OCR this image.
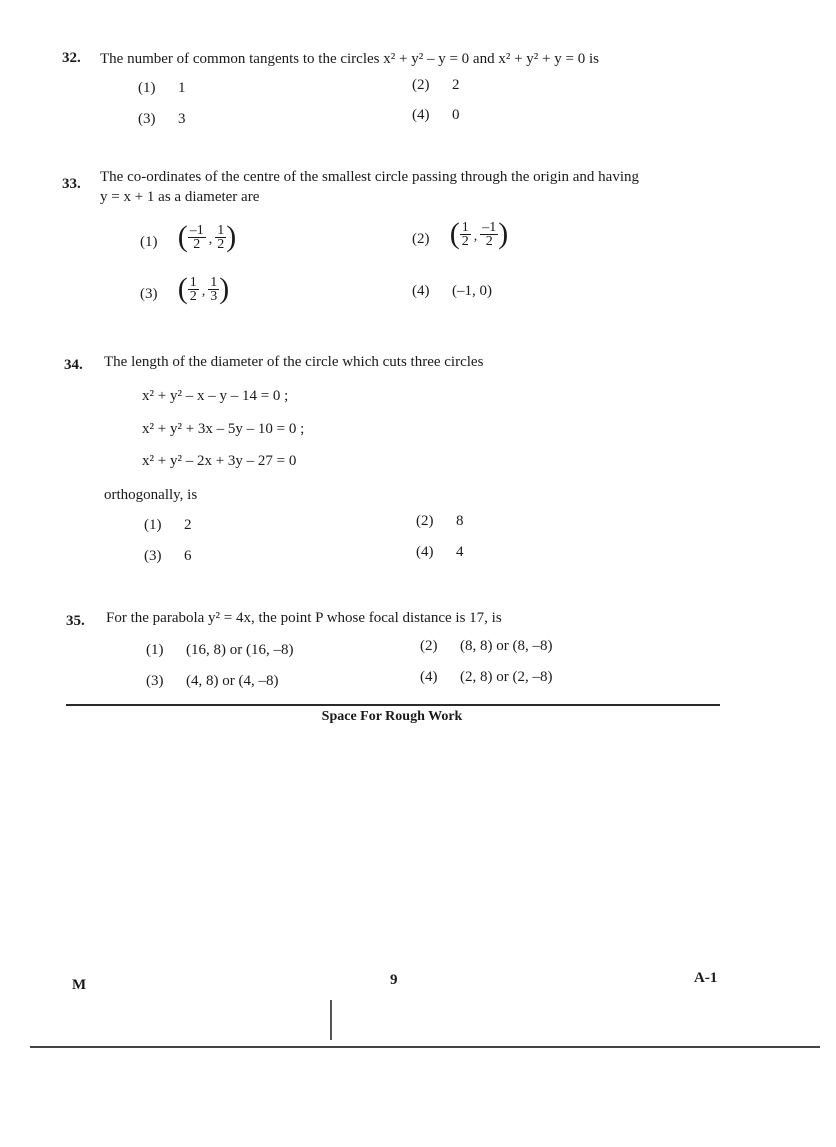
32. The number of common tangents to the circles x² + y² – y = 0 and x² + y² + y = 0 is
(1) 1	(2) 2
(3) 3	(4) 0
33. The co-ordinates of the centre of the smallest circle passing through the origin and having
y = x + 1 as a diameter are
(1) ( $\frac{-1}{2}$ , $\frac{1}{2}$ )	(2) ( $\frac{1}{2}$ , $\frac{-1}{2}$ )
(3) ( $\frac{1}{2}$ , $\frac{1}{3}$ )	(4) (–1, 0)
34. The length of the diameter of the circle which cuts three circles
x² + y² – x – y – 14 = 0 ;
x² + y² + 3x – 5y – 10 = 0 ;
x² + y² – 2x + 3y – 27 = 0
orthogonally, is
(1) 2	(2) 8
(3) 6	(4) 4
35. For the parabola y² = 4x, the point P whose focal distance is 17, is
(1) (16, 8) or (16, –8)	(2) (8, 8) or (8, –8)
(3) (4, 8) or (4, –8)	(4) (2, 8) or (2, –8)
Space For Rough Work
M	9	A-1
